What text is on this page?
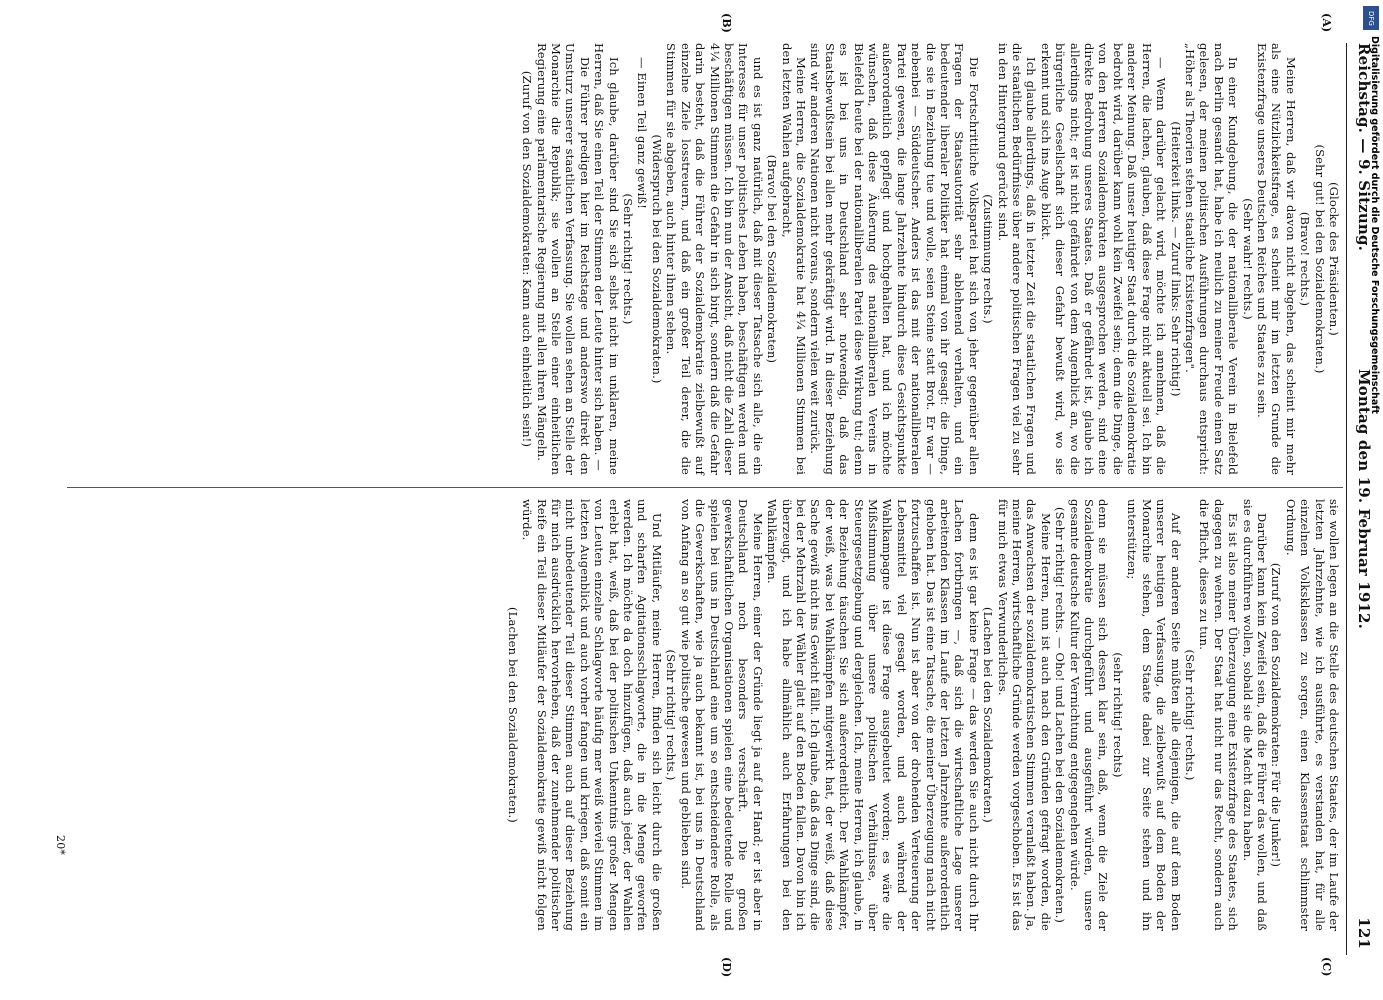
Reichstag. — 9. Sitzung.
Montag den 19. Februar 1912.
121
(A)
(B)
(C)
(D)

(Glocke des Präsidenten.)

(Sehr gut! bei den Sozialdemokraten.)

(Bravo! rechts.)

Meine Herren, daß wir davon nicht abgehen, das scheint mir mehr als eine Nützlichkeitsfrage, es scheint mir im letzten Grunde die Existenzfrage unseres Deutschen Reiches und Staates zu sein.

(Sehr wahr! rechts.)

In einer Kundgebung, die der nationalliberale Verein in Bielefeld nach Berlin gesandt hat, habe ich neulich zu meiner Freude einen Satz gelesen, der meinen politischen Ausführungen durchaus entspricht: „Höher als Theorien stehen staatliche Existenzfragen".

(Heiterkeit links. — Zuruf links: Sehr richtig!)

— Wenn darüber gelacht wird, möchte ich annehmen, daß die Herren, die lachen, glauben, daß diese Frage nicht aktuell sei. Ich bin anderer Meinung. Daß unser heutiger Staat durch die Sozialdemokratie bedroht wird, darüber kann wohl kein Zweifel sein; denn die Dinge, die von den Herren Sozialdemokraten ausgesprochen werden, sind eine direkte Bedrohung unseres Staates. Daß er gefährdet ist, glaube ich allerdings nicht; er ist nicht gefährdet von dem Augenblick an, wo die bürgerliche Gesellschaft sich dieser Gefahr bewußt wird, wo sie erkennt und sich ins Auge blickt.

Ich glaube allerdings, daß in letzter Zeit die staatlichen Fragen und die staatlichen Bedürfnisse über andere politischen Fragen viel zu sehr in den Hintergrund gerückt sind.

(Zustimmung rechts.)

Die Fortschrittliche Volkspartei hat sich von jeher gegenüber allen Fragen der Staatsautorität sehr ablehnend verhalten, und ein bedeutender liberaler Politiker hat einmal von ihr gesagt: die Dinge, die sie in Beziehung tue und wolle, seien Steine statt Brot. Er war — nebenbei — Süddeutscher. Anders ist das mit der nationalliberalen Partei gewesen, die lange Jahrzehnte hindurch diese Gesichtspunkte außerordentlich gepflegt und hochgehalten hat, und ich möchte wünschen, daß diese Äußerung des nationalliberalen Vereins in Bielefeld heute bei der nationalliberalen Partei diese Wirkung tut; denn es ist bei uns in Deutschland sehr notwendig, daß das Staatsbewußtsein bei allen mehr gekräftigt wird. In dieser Beziehung sind wir anderen Nationen nicht voraus, sondern vielen weit zurück.

Meine Herren, die Sozialdemokratie hat 4¼ Millionen Stimmen bei den letzten Wahlen aufgebracht,

(Bravo! bei den Sozialdemokraten)

und es ist ganz natürlich, daß mit dieser Tatsache sich alle, die ein Interesse für unser politisches Leben haben, beschäftigen werden und beschäftigen müssen. Ich bin nun der Ansicht, daß nicht die Zahl dieser 4¼ Millionen Stimmen die Gefahr in sich birgt, sondern daß die Gefahr darin besteht, daß die Führer der Sozialdemokratie zielbewußt auf einzelne Ziele losstreuern, und daß ein großer Teil derer, die die Stimmen für sie abgeben, auch hinter ihnen stehen.

(Widerspruch bei den Sozialdemokraten.)

— Einen Teil ganz gewiß!

(Sehr richtig! rechts.)

Ich glaube, darüber sind Sie sich selbst nicht im unklaren, meine Herren, daß Sie einen Teil der Stimmen der Leute hinter sich haben. —

Die Führer predigen hier im Reichstage und anderswo direkt den Umsturz unserer staatlichen Verfassung. Sie wollen sehen an Stelle der Monarchie die Republik; sie wollen an Stelle einer einheitlichen Regierung eine parlamentarische Regierung mit allen ihren Mängeln.

(Zuruf von den Sozialdemokraten: Kann auch einheitlich sein!)

sie wollen legen an die Stelle des deutschen Staates, der im Laufe der letzten Jahrzehnte, wie ich ausführte, es verstanden hat, für alle einzelnen Volksklassen zu sorgen, einen Klassenstaat schlimmster Ordnung.

(Zuruf von den Sozialdemokraten: Für die Junker!)

Darüber kann kein Zweifel sein, daß die Führer das wollen, und daß sie es durchführen wollen, sobald sie die Macht dazu haben.

Es ist also meiner Überzeugung eine Existenzfrage des Staates, sich dagegen zu wehren. Der Staat hat nicht nur das Recht, sondern auch die Pflicht, dieses zu tun.

(Sehr richtig! rechts.)

Auf der anderen Seite müßten alle diejenigen, die auf dem Boden unserer heutigen Verfassung, die zielbewußt auf dem Boden der Monarchie stehen, dem Staate dabei zur Seite stehen und ihn unterstützen;

(sehr richtig! rechts)

denn sie müssen sich dessen klar sein, daß, wenn die Ziele der Sozialdemokratie durchgeführt und ausgeführt würden, unsere gesamte deutsche Kultur der Vernichtung entgegengehen würde.

(Sehr richtig! rechts. — Oho! und Lachen bei den Sozialdemokraten.)

Meine Herren, nun ist auch nach den Gründen gefragt worden, die das Anwachsen der sozialdemokratischen Stimmen veranlaßt haben. Ja, meine Herren, wirtschaftliche Gründe werden vorgeschoben. Es ist das für mich etwas Verwunderliches.

(Lachen bei den Sozialdemokraten.)

denn es ist gar keine Frage — das werden Sie auch nicht durch Ihr Lachen fortbringen —, daß sich die wirtschaftliche Lage unserer arbeitenden Klassen im Laufe der letzten Jahrzehnte außerordentlich gehoben hat. Das ist eine Tatsache, die meiner Überzeugung nach nicht fortzuschaffen ist. Nun ist aber von der drohenden Verteuerung der Lebensmittel viel gesagt worden, und auch während der Wahlkampagne ist diese Frage ausgebeutet worden; es wäre die Mißstimmung über unsere politischen Verhältnisse, über Steuergesetzgebung und dergleichen. Ich, meine Herren, ich glaube, in der Beziehung täuschen Sie sich außerordentlich. Der Wahlkämpfer, der weiß, was bei Wahlkämpfen mitgewirkt hat, der weiß, daß diese Sache gewiß nicht ins Gewicht fällt. Ich glaube, daß das Dinge sind, die bei der Mehrzahl der Wähler glatt auf den Boden fallen. Davon bin ich überzeugt, und ich habe allmählich auch Erfahrungen bei den Wahlkämpfen.

Meine Herren, einer der Gründe liegt ja auf der Hand; er ist aber in Deutschland noch besonders verschärft. Die großen gewerkschaftlichen Organisationen spielen eine bedeutende Rolle und spielen bei uns in Deutschland eine um so entscheidendere Rolle, als die Gewerkschaften, wie ja auch bekannt ist, bei uns in Deutschland von Anfang an so gut wie politische gewesen und geblieben sind.

(Sehr richtig! rechts.)

Und Mitläufer, meine Herren, finden sich leicht durch die großen und scharfen Agitationsschlagworte, die in die Menge geworfen werden. Ich möchte da doch hinzufügen, daß auch jeder, der Wahlen erlebt hat, weiß, daß bei der politischen Unkenntnis großer Mengen von Leuten einzelne Schlagworte häufig mer weiß wieviel Stimmen im letzten Augenblick und auch vorher fangen und kriegen, daß somit ein nicht unbedeutender Teil dieser Stimmen auch auf dieser Beziehung für mich ausdrücklich hervorheben, daß der zunehmender politischer Reife ein Teil dieser Mitläufer der Sozialdemokratie gewiß nicht folgen würde.

(Lachen bei den Sozialdemokraten.)

20*
DFG
Digitalisierung gefördert durch die Deutsche Forschungsgemeinschaft
